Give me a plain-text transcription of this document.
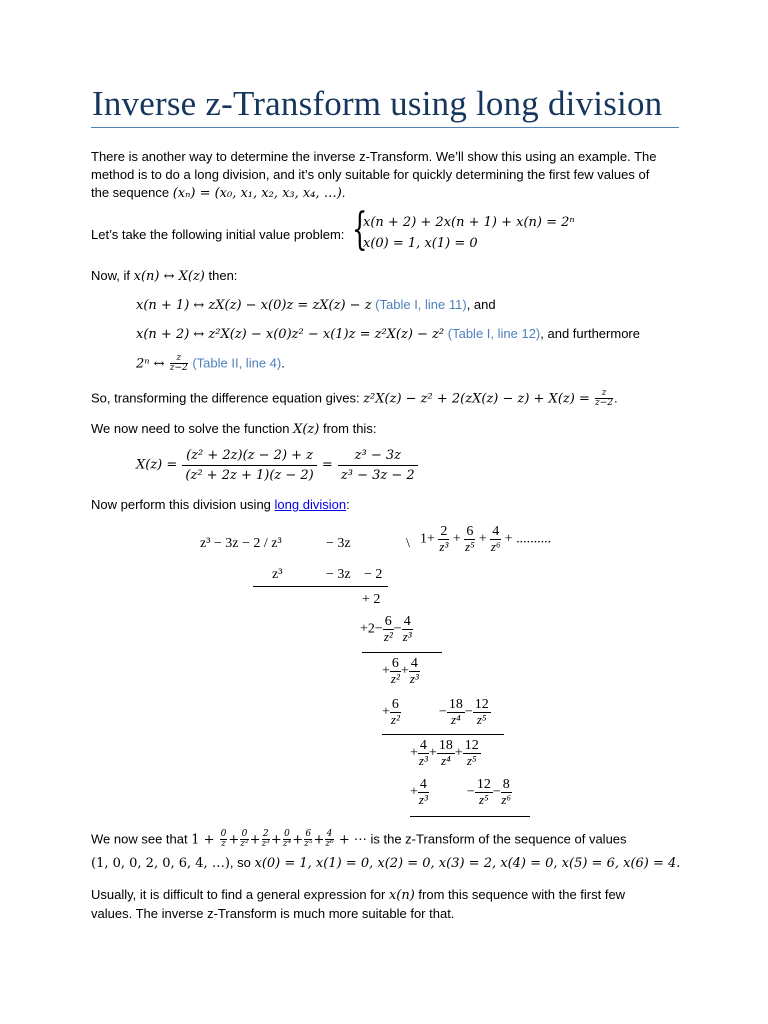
Inverse z-Transform using long division
There is another way to determine the inverse z-Transform. We’ll show this using an example. The
method is to do a long division, and it’s only suitable for quickly determining the first few values of
the sequence (xₙ) = (x₀, x₁, x₂, x₃, x₄, …).
Let’s take the following initial value problem: {
x(n + 2) + 2x(n + 1) + x(n) = 2ⁿ
x(0) = 1, x(1) = 0
Now, if x(n) ↔ X(z) then:
x(n + 1) ↔ zX(z) − x(0)z = zX(z) − z (Table I, line 11), and
x(n + 2) ↔ z²X(z) − x(0)z² − x(1)z = z²X(z) − z² (Table I, line 12), and furthermore
2ⁿ ↔ $\frac{z}{z-2}$ (Table II, line 4).
So, transforming the difference equation gives: $z^2X(z) - z^2 + 2(zX(z) - z) + X(z) = \frac{z}{z-2}$ .
We now need to solve the function X(z) from this:
$X(z) = \frac{\text{(z² + 2z)(z − 2) + z}}{\text{(z² + 2z + 1)(z − 2)}} = \frac{\text{z³ − 3z}}{\text{z³ − 3z − 2}}$
Now perform this division using long division:
z³ − 3z − 2 / z³	− 3z	\ $1+ \frac{2}{\text{z³}} + \frac{6}{\text{z⁵}} + \frac{4}{\text{z⁶}}$ + ..........
z³	− 3z − 2
+ 2
$+2- \frac{6}{\text{z²}} - \frac{4}{\text{z³}}$
+ $\frac{6}{\text{z²}} + \frac{4}{\text{z³}}$
+ $\frac{6}{\text{z²}}$	− $\frac{18}{\text{z⁴}} - \frac{12}{\text{z⁵}}$
+ $\frac{4}{\text{z³}} + \frac{18}{\text{z⁴}} + \frac{12}{\text{z⁵}}$
+ $\frac{4}{\text{z³}}$	− $\frac{12}{\text{z⁵}} - \frac{8}{\text{z⁶}}$
We now see that $1 + \frac{0}{z} + \frac{0}{\text{z²}} + \frac{2}{\text{z³}} + \frac{0}{\text{z⁴}} + \frac{6}{\text{z⁵}} + \frac{4}{\text{z⁶}}$ + ⋯ is the z-Transform of the sequence of values
(1, 0, 0, 2, 0, 6, 4, …), so x(0) = 1, x(1) = 0, x(2) = 0, x(3) = 2, x(4) = 0, x(5) = 6, x(6) = 4.
Usually, it is difficult to find a general expression for x(n) from this sequence with the first few
values. The inverse z-Transform is much more suitable for that.
